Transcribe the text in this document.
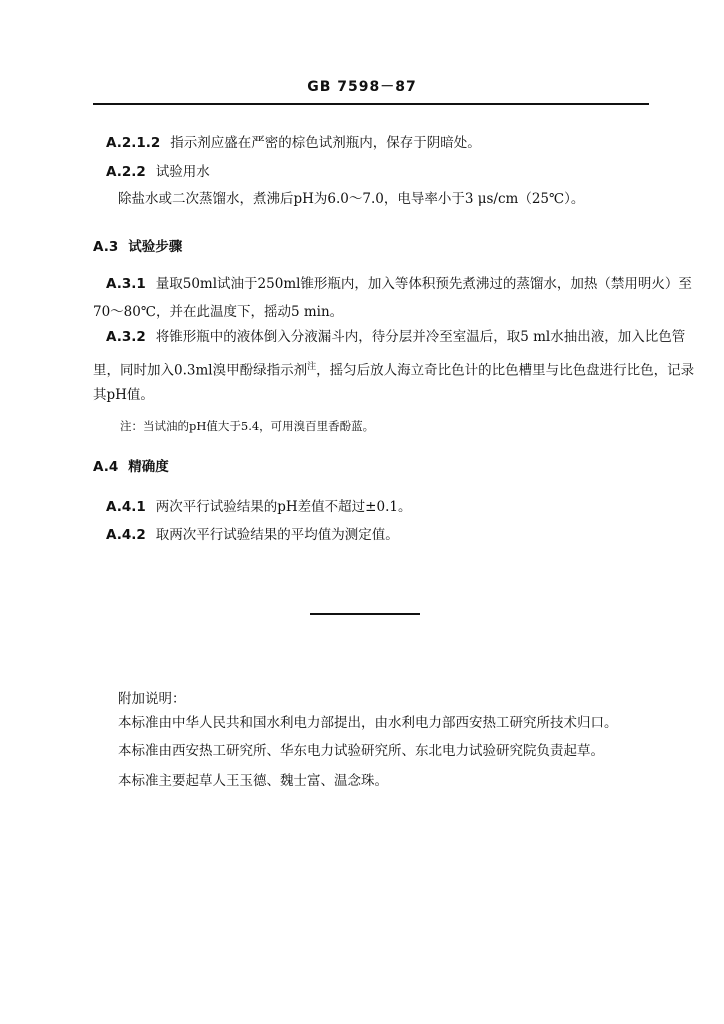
GB 7598－87
A.2.1.2 指示剂应盛在严密的棕色试剂瓶内，保存于阴暗处。
A.2.2 试验用水
除盐水或二次蒸馏水，煮沸后pH为6.0～7.0，电导率小于3 μs/cm（25℃）。
A.3 试验步骤
A.3.1 量取50ml试油于250ml锥形瓶内，加入等体积预先煮沸过的蒸馏水，加热（禁用明火）至
70～80℃，并在此温度下，摇动5 min。
A.3.2 将锥形瓶中的液体倒入分液漏斗内，待分层并冷至室温后，取5 ml水抽出液，加入比色管
里，同时加入0.3ml溴甲酚绿指示剂$^注$，摇匀后放人海立奇比色计的比色槽里与比色盘进行比色，记录
其pH值。
注：当试油的pH值大于5.4，可用溴百里香酚蓝。
A.4 精确度
A.4.1 两次平行试验结果的pH差值不超过±0.1。
A.4.2 取两次平行试验结果的平均值为测定值。
附加说明：
本标准由中华人民共和国水利电力部提出，由水利电力部西安热工研究所技术归口。
本标准由西安热工研究所、华东电力试验研究所、东北电力试验研究院负责起草。
本标准主要起草人王玉德、魏士富、温念珠。
